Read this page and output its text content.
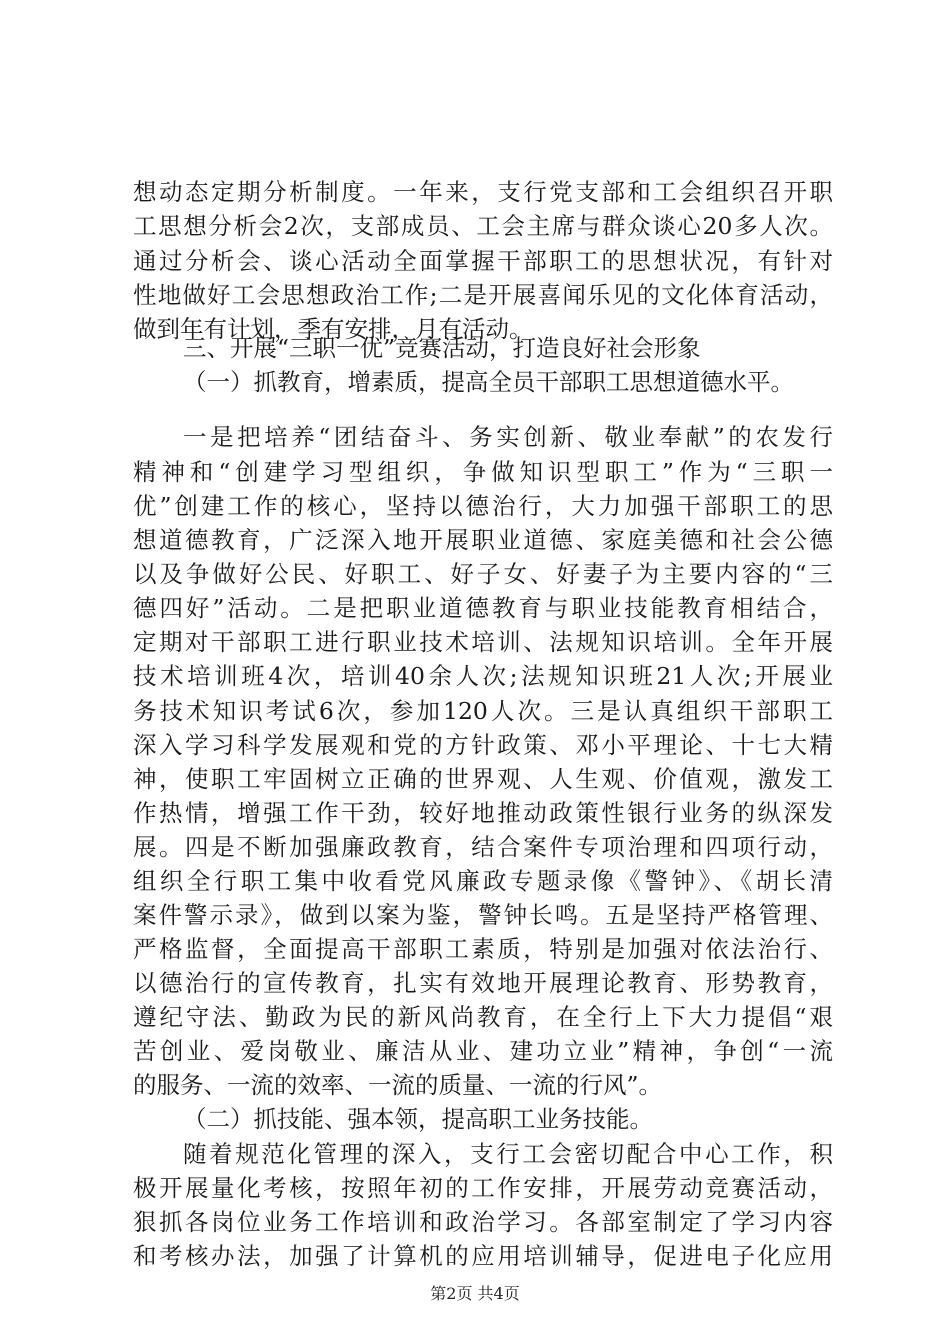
想动态定期分析制度。一年来，支行党支部和工会组织召开职
工思想分析会2次，支部成员、工会主席与群众谈心20多人次。
通过分析会、谈心活动全面掌握干部职工的思想状况，有针对
性地做好工会思想政治工作;二是开展喜闻乐见的文化体育活动，
做到年有计划，季有安排，月有活动。
三、开展“三职一优”竞赛活动，打造良好社会形象
（一）抓教育，增素质，提高全员干部职工思想道德水平。
一是把培养“团结奋斗、务实创新、敬业奉献”的农发行
精神和“创建学习型组织，争做知识型职工”作为“三职一
优”创建工作的核心，坚持以德治行，大力加强干部职工的思
想道德教育，广泛深入地开展职业道德、家庭美德和社会公德
以及争做好公民、好职工、好子女、好妻子为主要内容的“三
德四好”活动。二是把职业道德教育与职业技能教育相结合，
定期对干部职工进行职业技术培训、法规知识培训。全年开展
技术培训班4次，培训40余人次;法规知识班21人次;开展业
务技术知识考试6次，参加120人次。三是认真组织干部职工
深入学习科学发展观和党的方针政策、邓小平理论、十七大精
神，使职工牢固树立正确的世界观、人生观、价值观，激发工
作热情，增强工作干劲，较好地推动政策性银行业务的纵深发
展。四是不断加强廉政教育，结合案件专项治理和四项行动，
组织全行职工集中收看党风廉政专题录像《警钟》、《胡长清
案件警示录》，做到以案为鉴，警钟长鸣。五是坚持严格管理、
严格监督，全面提高干部职工素质，特别是加强对依法治行、
以德治行的宣传教育，扎实有效地开展理论教育、形势教育，
遵纪守法、勤政为民的新风尚教育，在全行上下大力提倡“艰
苦创业、爱岗敬业、廉洁从业、建功立业”精神，争创“一流
的服务、一流的效率、一流的质量、一流的行风”。
（二）抓技能、强本领，提高职工业务技能。
随着规范化管理的深入，支行工会密切配合中心工作，积
极开展量化考核，按照年初的工作安排，开展劳动竞赛活动，
狠抓各岗位业务工作培训和政治学习。各部室制定了学习内容
和考核办法，加强了计算机的应用培训辅导，促进电子化应用
第2页 共4页
